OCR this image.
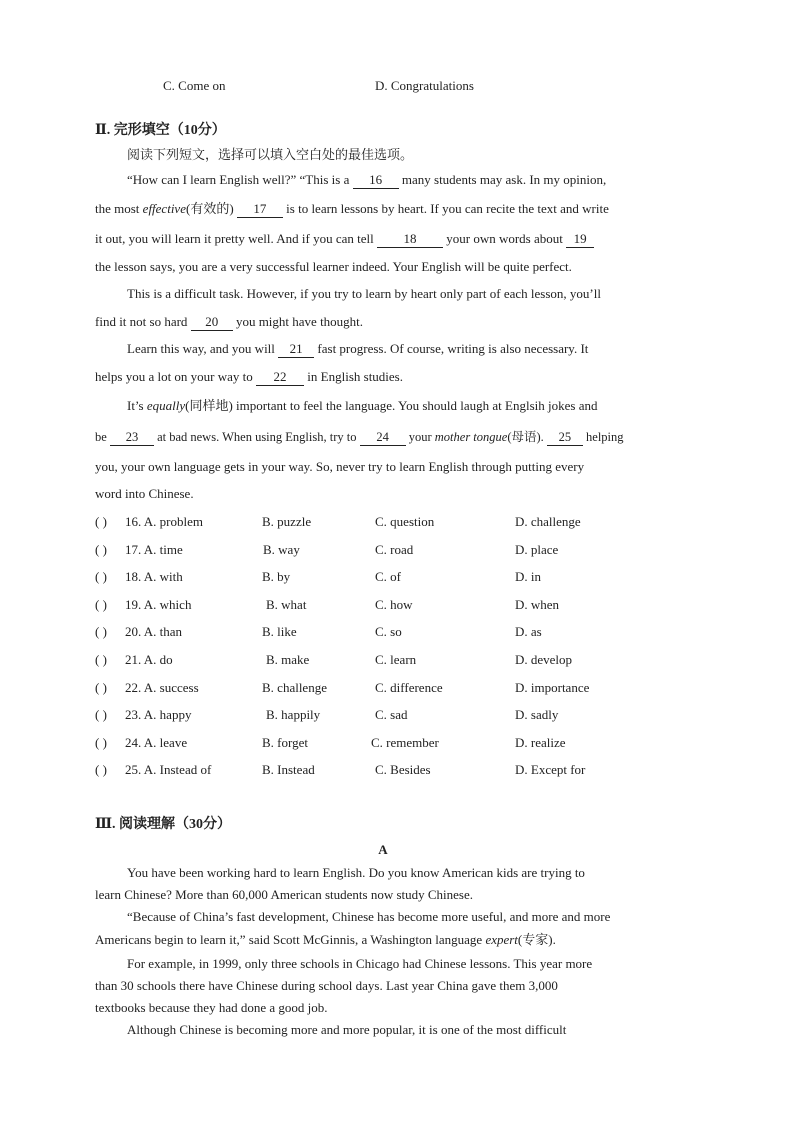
C. Come on	D. Congratulations
Ⅱ. 完形填空（10分）
阅读下列短文，选择可以填入空白处的最佳选项。
“How can I learn English well?” “This is a 16 many students may ask. In my opinion,
the most effective(有效的) 17 is to learn lessons by heart. If you can recite the text and write
it out, you will learn it pretty well. And if you can tell 18 your own words about 19
the lesson says, you are a very successful learner indeed. Your English will be quite perfect.
This is a difficult task. However, if you try to learn by heart only part of each lesson, you’ll
find it not so hard 20 you might have thought.
Learn this way, and you will 21 fast progress. Of course, writing is also necessary. It
helps you a lot on your way to 22 in English studies.
It’s equally(同样地) important to feel the language. You should laugh at Englsih jokes and
be 23 at bad news. When using English, try to 24 your mother tongue(母语). 25 helping
you, your own language gets in your way. So, never try to learn English through putting every
word into Chinese.
( ) 16. A. problem	B. puzzle	C. question	D. challenge
( ) 17. A. time	B. way	C. road	D. place
( ) 18. A. with	B. by	C. of	D. in
( ) 19. A. which	B. what	C. how	D. when
( ) 20. A. than	B. like	C. so	D. as
( ) 21. A. do	B. make	C. learn	D. develop
( ) 22. A. success	B. challenge	C. difference	D. importance
( ) 23. A. happy	B. happily	C. sad	D. sadly
( ) 24. A. leave	B. forget	C. remember	D. realize
( ) 25. A. Instead of	B. Instead	C. Besides	D. Except for
Ⅲ. 阅读理解（30分）
A
You have been working hard to learn English. Do you know American kids are trying to
learn Chinese? More than 60,000 American students now study Chinese.
“Because of China’s fast development, Chinese has become more useful, and more and more
Americans begin to learn it,” said Scott McGinnis, a Washington language expert(专家).
For example, in 1999, only three schools in Chicago had Chinese lessons. This year more
than 30 schools there have Chinese during school days. Last year China gave them 3,000
textbooks because they had done a good job.
Although Chinese is becoming more and more popular, it is one of the most difficult
